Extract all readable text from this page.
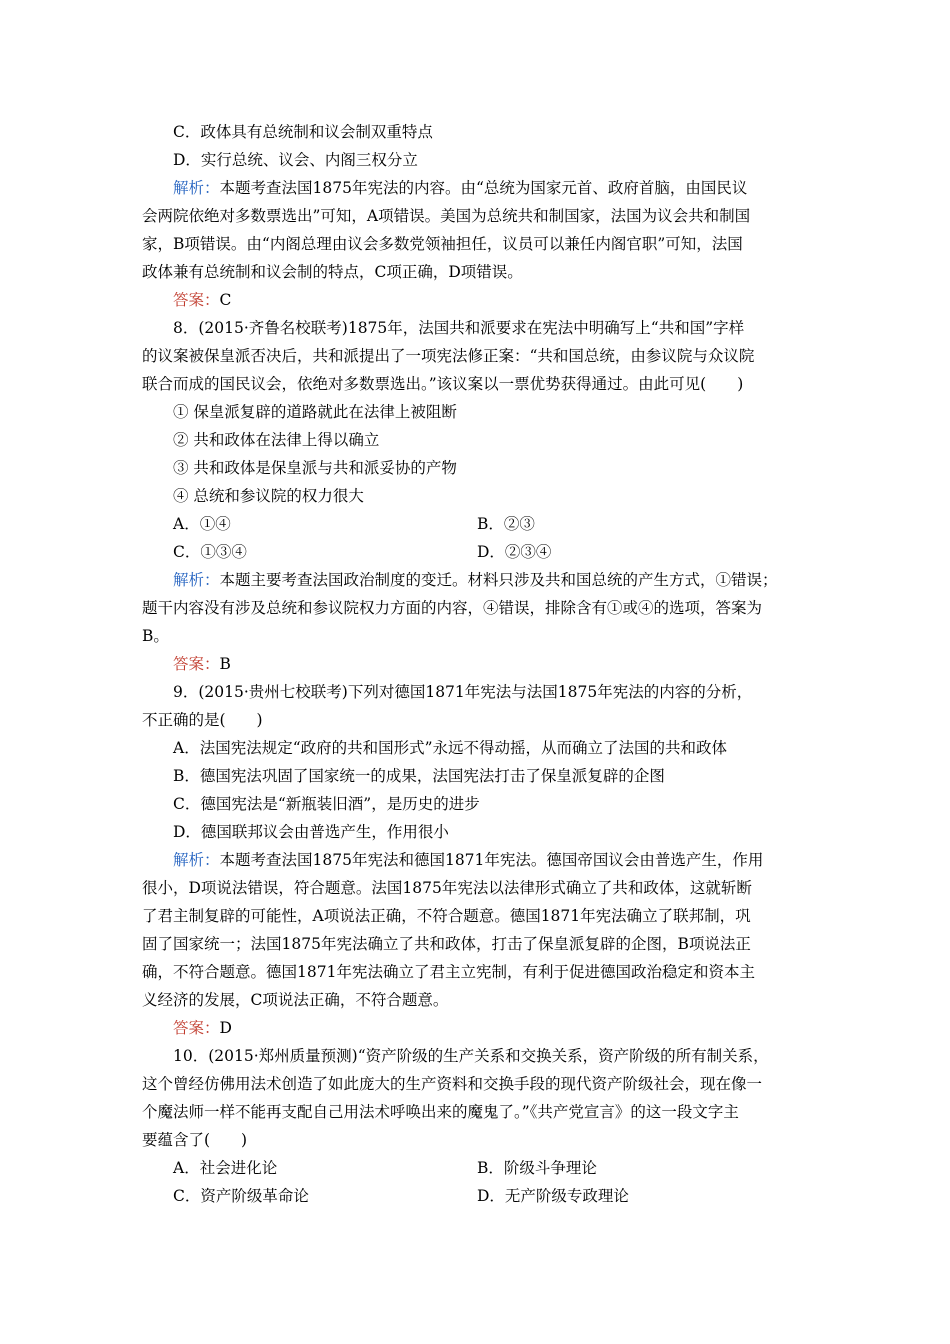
C．政体具有总统制和议会制双重特点
D．实行总统、议会、内阁三权分立
解析：本题考查法国1875年宪法的内容。由“总统为国家元首、政府首脑，由国民议
会两院依绝对多数票选出”可知，A项错误。美国为总统共和制国家，法国为议会共和制国
家，B项错误。由“内阁总理由议会多数党领袖担任，议员可以兼任内阁官职”可知，法国
政体兼有总统制和议会制的特点，C项正确，D项错误。
答案：C
8．(2015·齐鲁名校联考)1875年，法国共和派要求在宪法中明确写上“共和国”字样
的议案被保皇派否决后，共和派提出了一项宪法修正案：“共和国总统，由参议院与众议院
联合而成的国民议会，依绝对多数票选出。”该议案以一票优势获得通过。由此可见(　　)
① 保皇派复辟的道路就此在法律上被阻断
② 共和政体在法律上得以确立
③ 共和政体是保皇派与共和派妥协的产物
④ 总统和参议院的权力很大
A．①④	B．②③
C．①③④	D．②③④
解析：本题主要考查法国政治制度的变迁。材料只涉及共和国总统的产生方式，①错误；
题干内容没有涉及总统和参议院权力方面的内容，④错误，排除含有①或④的选项，答案为
B。
答案：B
9．(2015·贵州七校联考)下列对德国1871年宪法与法国1875年宪法的内容的分析，
不正确的是(　　)
A．法国宪法规定“政府的共和国形式”永远不得动摇，从而确立了法国的共和政体
B．德国宪法巩固了国家统一的成果，法国宪法打击了保皇派复辟的企图
C．德国宪法是“新瓶装旧酒”，是历史的进步
D．德国联邦议会由普选产生，作用很小
解析：本题考查法国1875年宪法和德国1871年宪法。德国帝国议会由普选产生，作用
很小，D项说法错误，符合题意。法国1875年宪法以法律形式确立了共和政体，这就斩断
了君主制复辟的可能性，A项说法正确，不符合题意。德国1871年宪法确立了联邦制，巩
固了国家统一；法国1875年宪法确立了共和政体，打击了保皇派复辟的企图，B项说法正
确，不符合题意。德国1871年宪法确立了君主立宪制，有利于促进德国政治稳定和资本主
义经济的发展，C项说法正确，不符合题意。
答案：D
10．(2015·郑州质量预测)“资产阶级的生产关系和交换关系，资产阶级的所有制关系，
这个曾经仿佛用法术创造了如此庞大的生产资料和交换手段的现代资产阶级社会，现在像一
个魔法师一样不能再支配自己用法术呼唤出来的魔鬼了。”《共产党宣言》的这一段文字主
要蕴含了(　　)
A．社会进化论	B．阶级斗争理论
C．资产阶级革命论	D．无产阶级专政理论
